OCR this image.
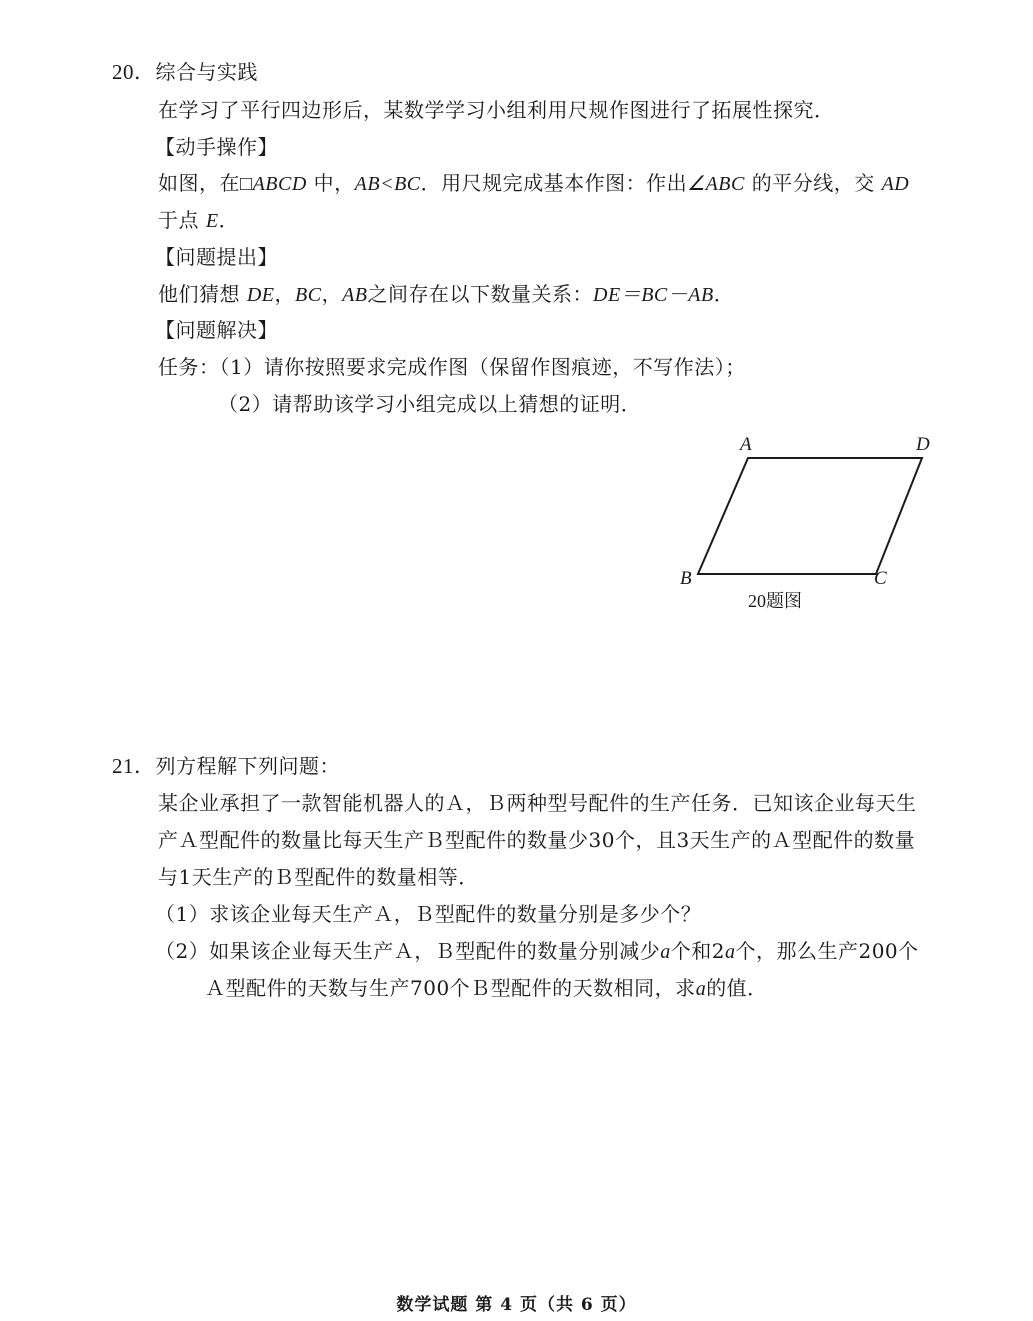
20．综合与实践
在学习了平行四边形后，某数学学习小组利用尺规作图进行了拓展性探究．
【动手操作】
如图，在□ABCD 中，AB<BC．用尺规完成基本作图：作出∠ABC 的平分线，交 AD
于点 E．
【问题提出】
他们猜想 DE，BC，AB之间存在以下数量关系：DE＝BC－AB．
【问题解决】
任务：（1）请你按照要求完成作图（保留作图痕迹，不写作法）；
（2）请帮助该学习小组完成以上猜想的证明．
A	D
B	C
20题图
21．列方程解下列问题：
某企业承担了一款智能机器人的Ａ，Ｂ两种型号配件的生产任务．已知该企业每天生
产Ａ型配件的数量比每天生产Ｂ型配件的数量少30个，且3天生产的Ａ型配件的数量
与1天生产的Ｂ型配件的数量相等．
（1）求该企业每天生产Ａ，Ｂ型配件的数量分别是多少个？
（2）如果该企业每天生产Ａ，Ｂ型配件的数量分别减少a个和2a个，那么生产200个
Ａ型配件的天数与生产700个Ｂ型配件的天数相同，求a的值．
数学试题 第 4 页（共 6 页）
